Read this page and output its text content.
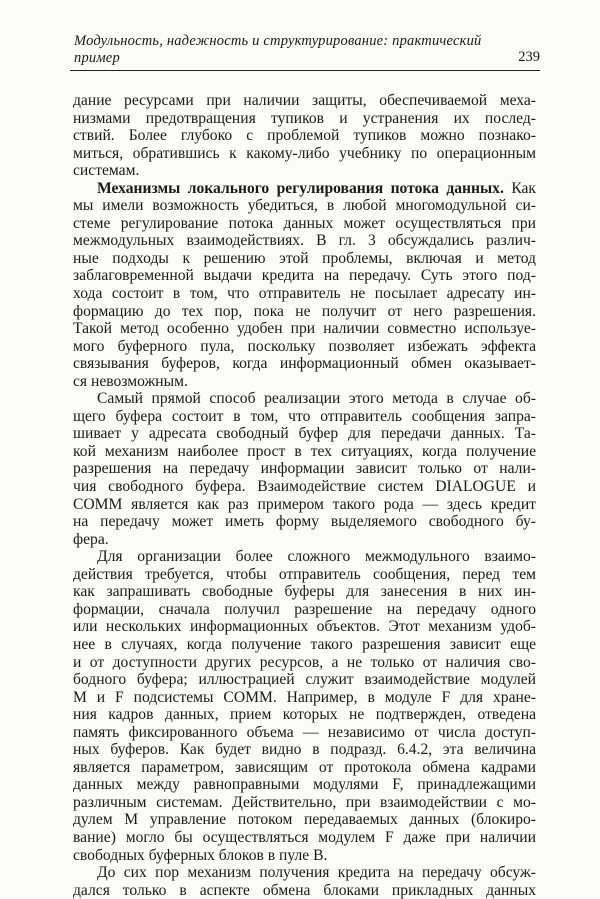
Модульность, надежность и структурирование: практический пример	239
дание ресурсами при наличии защиты, обеспечиваемой меха-
низмами предотвращения тупиков и устранения их послед-
ствий. Более глубоко с проблемой тупиков можно познако-
миться, обратившись к какому-либо учебнику по операционным
системам.
Механизмы локального регулирования потока данных. Как
мы имели возможность убедиться, в любой многомодульной си-
стеме регулирование потока данных может осуществляться при
межмодульных взаимодействиях. В гл. 3 обсуждались различ-
ные подходы к решению этой проблемы, включая и метод
заблаговременной выдачи кредита на передачу. Суть этого под-
хода состоит в том, что отправитель не посылает адресату ин-
формацию до тех пор, пока не получит от него разрешения.
Такой метод особенно удобен при наличии совместно используе-
мого буферного пула, поскольку позволяет избежать эффекта
связывания буферов, когда информационный обмен оказывает-
ся невозможным.
Самый прямой способ реализации этого метода в случае об-
щего буфера состоит в том, что отправитель сообщения запра-
шивает у адресата свободный буфер для передачи данных. Та-
кой механизм наиболее прост в тех ситуациях, когда получение
разрешения на передачу информации зависит только от нали-
чия свободного буфера. Взаимодействие систем DIALOGUE и
COMM является как раз примером такого рода — здесь кредит
на передачу может иметь форму выделяемого свободного бу-
фера.
Для организации более сложного межмодульного взаимо-
действия требуется, чтобы отправитель сообщения, перед тем
как запрашивать свободные буферы для занесения в них ин-
формации, сначала получил разрешение на передачу одного
или нескольких информационных объектов. Этот механизм удоб-
нее в случаях, когда получение такого разрешения зависит еще
и от доступности других ресурсов, а не только от наличия сво-
бодного буфера; иллюстрацией служит взаимодействие модулей
M и F подсистемы COMM. Например, в модуле F для хране-
ния кадров данных, прием которых не подтвержден, отведена
память фиксированного объема — независимо от числа доступ-
ных буферов. Как будет видно в подразд. 6.4.2, эта величина
является параметром, зависящим от протокола обмена кадрами
данных между равноправными модулями F, принадлежащими
различным системам. Действительно, при взаимодействии с мо-
дулем M управление потоком передаваемых данных (блокиро-
вание) могло бы осуществляться модулем F даже при наличии
свободных буферных блоков в пуле B.
До сих пор механизм получения кредита на передачу обсуж-
дался только в аспекте обмена блоками прикладных данных
